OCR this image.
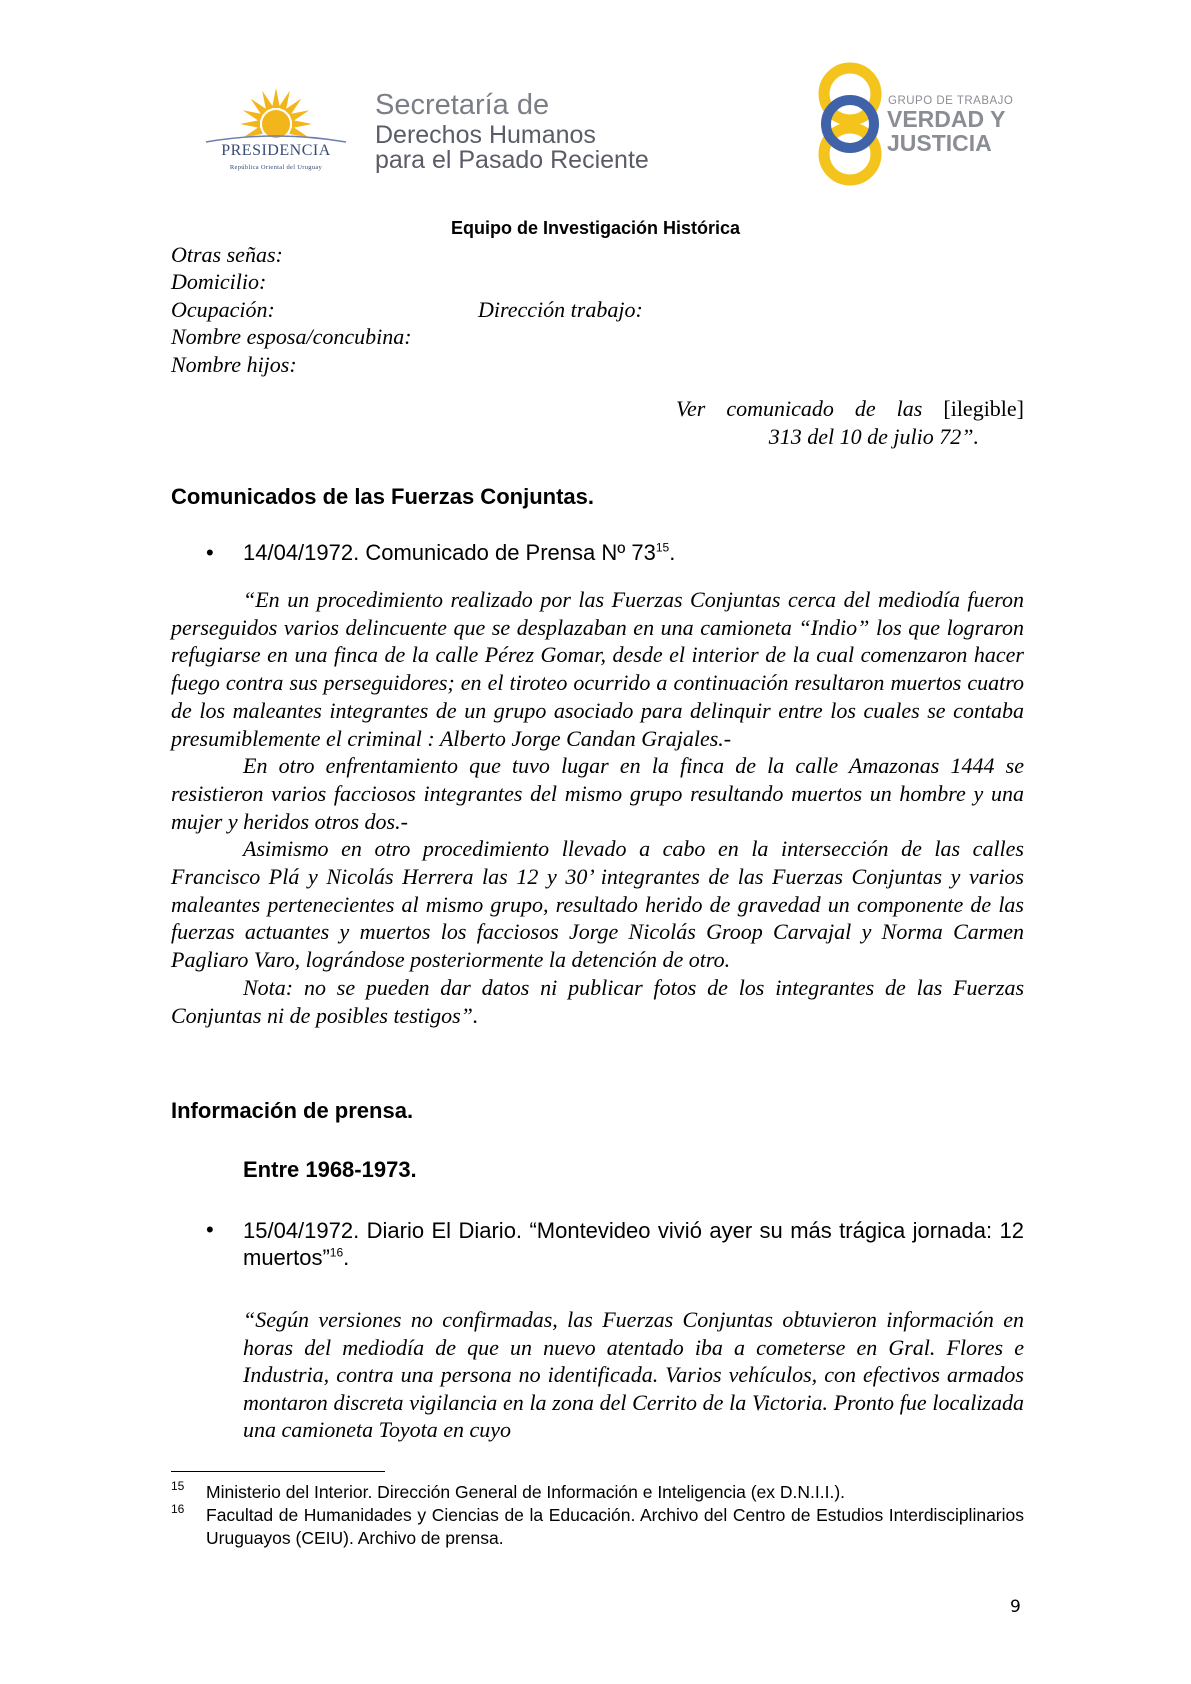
PRESIDENCIA
República Oriental del Uruguay
Secretaría de
Derechos Humanos
para el Pasado Reciente
GRUPO DE TRABAJO
VERDAD Y
JUSTICIA
Equipo de Investigación Histórica
Otras señas:
Domicilio:
Ocupación:	Dirección trabajo:
Nombre esposa/concubina:
Nombre hijos:
Ver comunicado de las [ilegible]
313 del 10 de julio 72”.
Comunicados de las Fuerzas Conjuntas.
• 14/04/1972. Comunicado de Prensa Nº $73^{15}$.

“En un procedimiento realizado por las Fuerzas Conjuntas cerca del mediodía fueron perseguidos varios delincuente que se desplazaban en una camioneta “Indio” los que lograron refugiarse en una finca de la calle Pérez Gomar, desde el interior de la cual comenzaron hacer fuego contra sus perseguidores; en el tiroteo ocurrido a continuación resultaron muertos cuatro de los maleantes integrantes de un grupo asociado para delinquir entre los cuales se contaba presumiblemente el criminal : Alberto Jorge Candan Grajales.-

En otro enfrentamiento que tuvo lugar en la finca de la calle Amazonas 1444 se resistieron varios facciosos integrantes del mismo grupo resultando muertos un hombre y una mujer y heridos otros dos.-

Asimismo en otro procedimiento llevado a cabo en la intersección de las calles Francisco Plá y Nicolás Herrera las 12 y 30’ integrantes de las Fuerzas Conjuntas y varios maleantes pertenecientes al mismo grupo, resultado herido de gravedad un componente de las fuerzas actuantes y muertos los facciosos Jorge Nicolás Groop Carvajal y Norma Carmen Pagliaro Varo, lográndose posteriormente la detención de otro.

Nota: no se pueden dar datos ni publicar fotos de los integrantes de las Fuerzas Conjuntas ni de posibles testigos”.

Información de prensa.
Entre 1968-1973.
• 15/04/1972. Diario El Diario. “Montevideo vivió ayer su más trágica jornada: 12 muertos”$^{16}$.
“Según versiones no confirmadas, las Fuerzas Conjuntas obtuvieron información en horas del mediodía de que un nuevo atentado iba a cometerse en Gral. Flores e Industria, contra una persona no identificada. Varios vehículos, con efectivos armados montaron discreta vigilancia en la zona del Cerrito de la Victoria. Pronto fue localizada una camioneta Toyota en cuyo
15 Ministerio del Interior. Dirección General de Información e Inteligencia (ex D.N.I.I.).
16 Facultad de Humanidades y Ciencias de la Educación. Archivo del Centro de Estudios Interdisciplinarios Uruguayos (CEIU). Archivo de prensa.
9
